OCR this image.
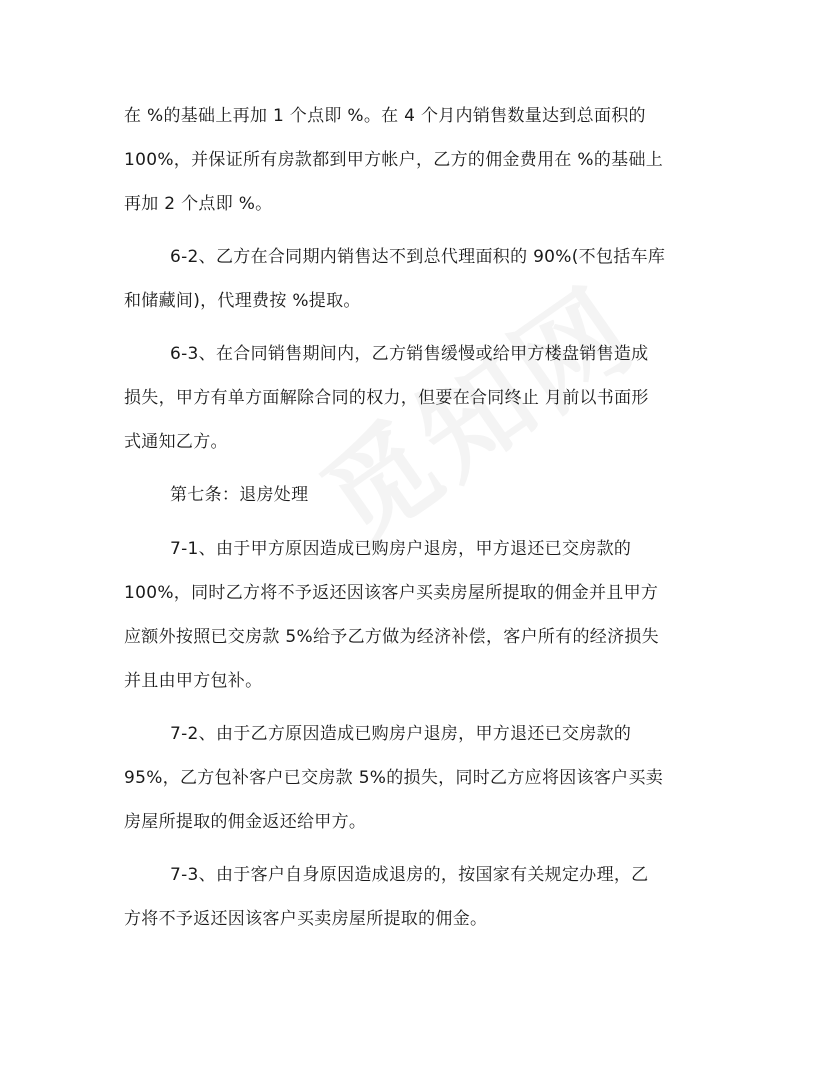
在 %的基础上再加 1 个点即 %。在 4 个月内销售数量达到总面积的
100%，并保证所有房款都到甲方帐户，乙方的佣金费用在 %的基础上
再加 2 个点即 %。
6-2、乙方在合同期内销售达不到总代理面积的 90%(不包括车库
和储藏间)，代理费按 %提取。
6-3、在合同销售期间内，乙方销售缓慢或给甲方楼盘销售造成
损失，甲方有单方面解除合同的权力，但要在合同终止 月前以书面形
式通知乙方。
第七条：退房处理
7-1、由于甲方原因造成已购房户退房，甲方退还已交房款的
100%，同时乙方将不予返还因该客户买卖房屋所提取的佣金并且甲方
应额外按照已交房款 5%给予乙方做为经济补偿，客户所有的经济损失
并且由甲方包补。
7-2、由于乙方原因造成已购房户退房，甲方退还已交房款的
95%，乙方包补客户已交房款 5%的损失，同时乙方应将因该客户买卖
房屋所提取的佣金返还给甲方。
7-3、由于客户自身原因造成退房的，按国家有关规定办理，乙
方将不予返还因该客户买卖房屋所提取的佣金。
